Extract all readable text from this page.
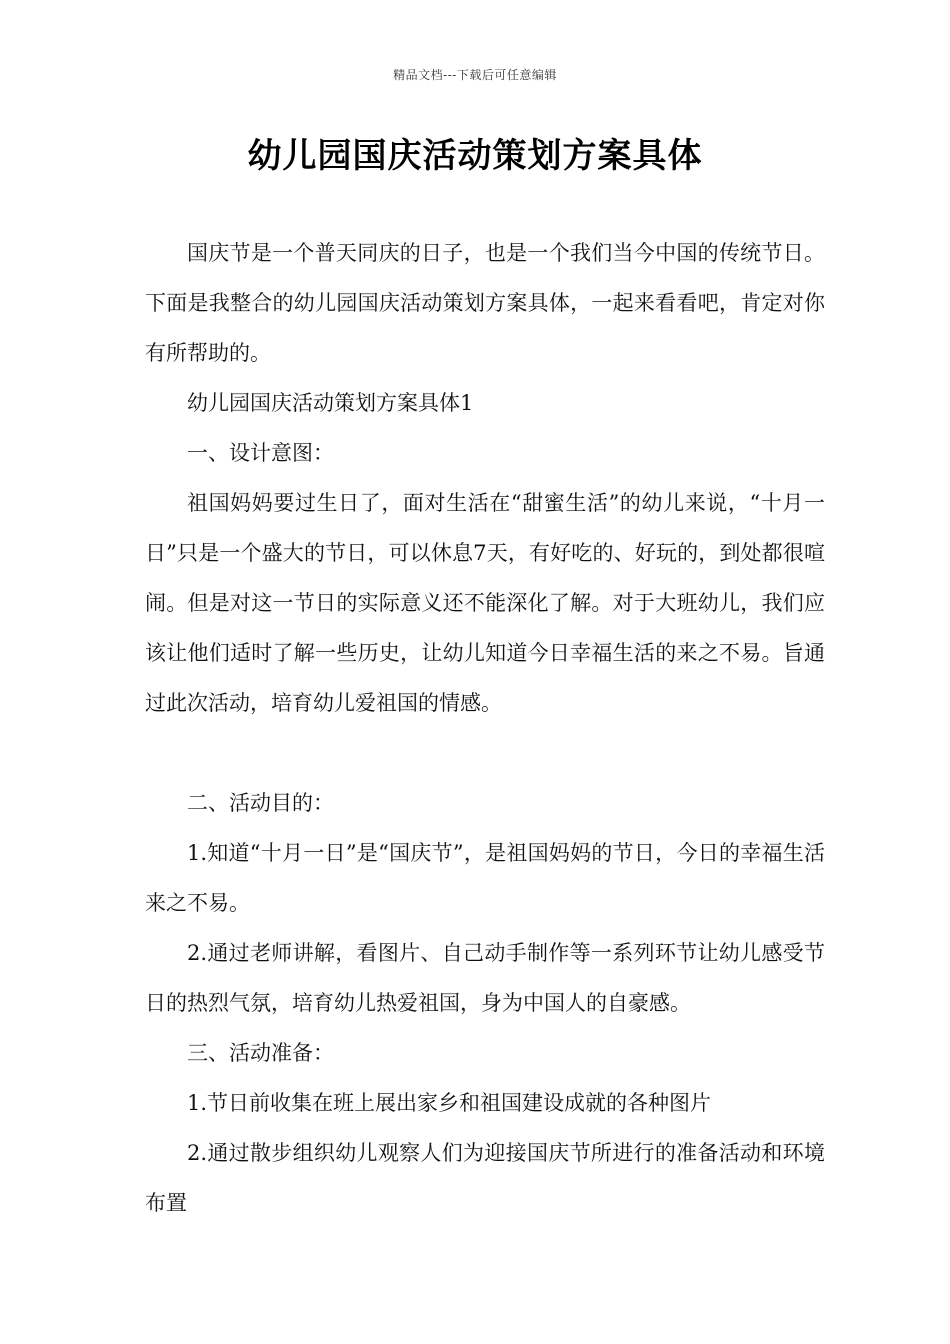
精品文档---下载后可任意编辑
幼儿园国庆活动策划方案具体

国庆节是一个普天同庆的日子，也是一个我们当今中国的传统节日。下面是我整合的幼儿园国庆活动策划方案具体，一起来看看吧，肯定对你有所帮助的。

幼儿园国庆活动策划方案具体1

一、设计意图：

祖国妈妈要过生日了，面对生活在“甜蜜生活”的幼儿来说，“十月一日”只是一个盛大的节日，可以休息7天，有好吃的、好玩的，到处都很喧闹。但是对这一节日的实际意义还不能深化了解。对于大班幼儿，我们应该让他们适时了解一些历史，让幼儿知道今日幸福生活的来之不易。旨通过此次活动，培育幼儿爱祖国的情感。

二、活动目的：

1.知道“十月一日”是“国庆节”，是祖国妈妈的节日，今日的幸福生活来之不易。

2.通过老师讲解，看图片、自己动手制作等一系列环节让幼儿感受节日的热烈气氛，培育幼儿热爱祖国，身为中国人的自豪感。

三、活动准备：

1.节日前收集在班上展出家乡和祖国建设成就的各种图片

2.通过散步组织幼儿观察人们为迎接国庆节所进行的准备活动和环境布置
